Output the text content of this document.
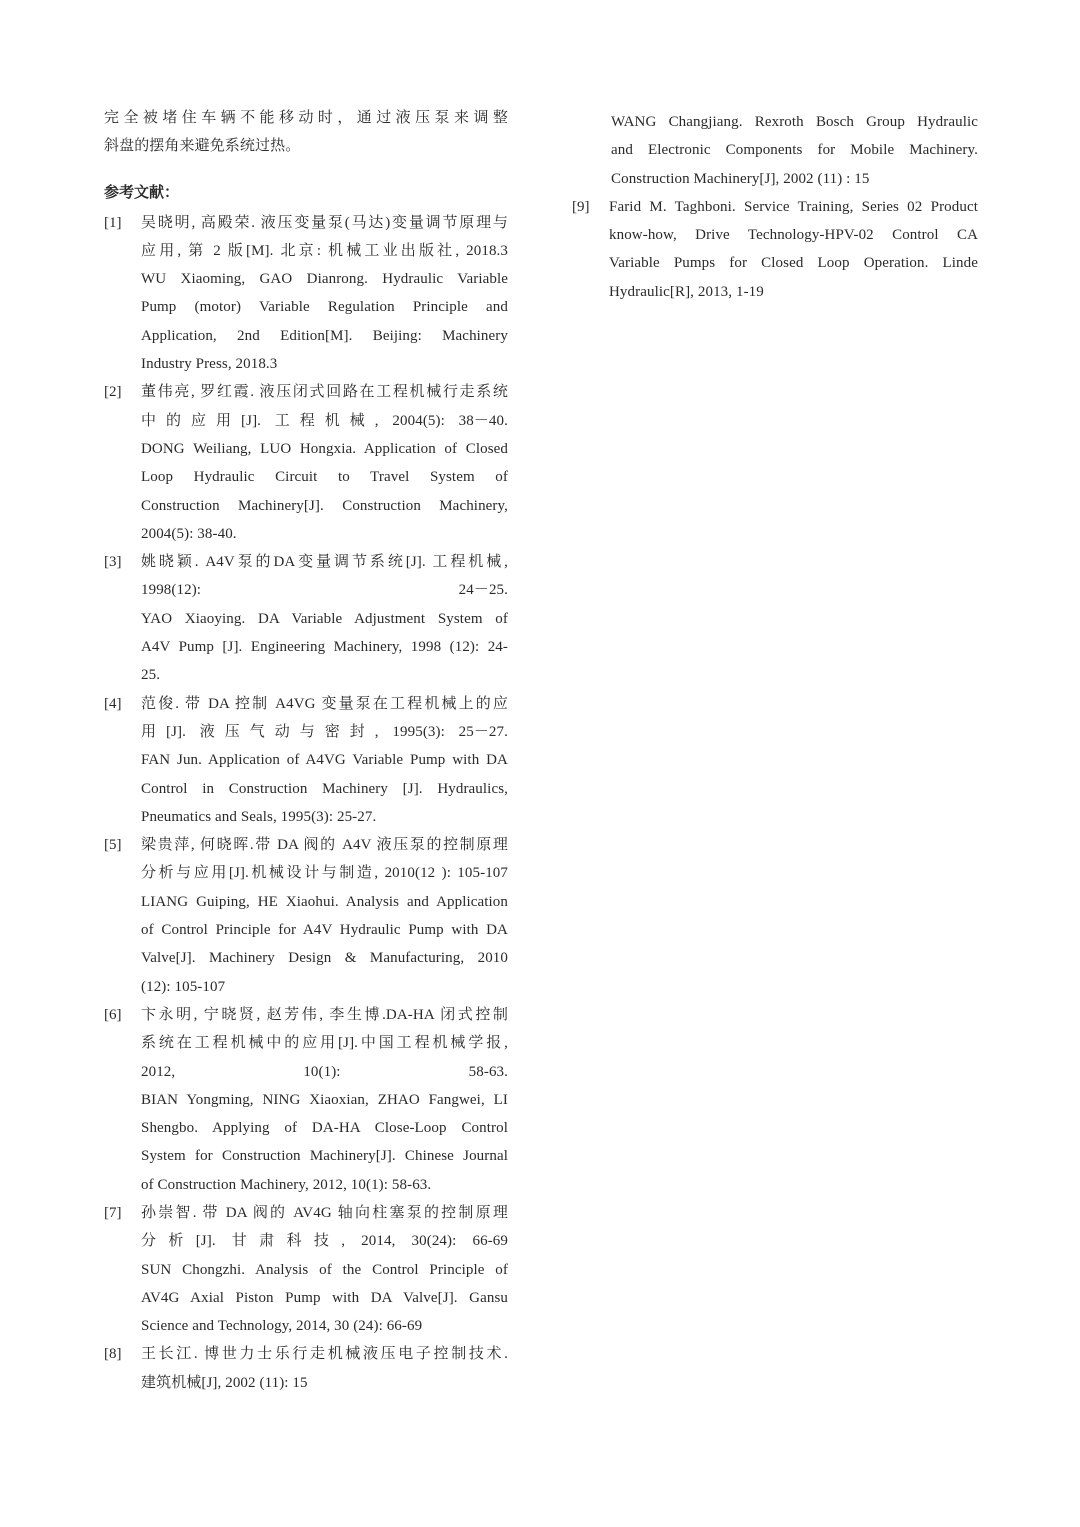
完全被堵住车辆不能移动时，通过液压泵来调整
斜盘的摆角来避免系统过热。
参考文献：
[1] 吴晓明, 高殿荣. 液压变量泵(马达)变量调节原理与
应用, 第 2 版[M]. 北京: 机械工业出版社, 2018.3
WU Xiaoming, GAO Dianrong. Hydraulic Variable
Pump (motor) Variable Regulation Principle and
Application, 2nd Edition[M]. Beijing: Machinery
Industry Press, 2018.3
[2] 董伟亮, 罗红霞. 液压闭式回路在工程机械行走系统
中的应用[J]. 工程机械, 2004(5): 38－40.
DONG Weiliang, LUO Hongxia. Application of Closed
Loop Hydraulic Circuit to Travel System of
Construction Machinery[J]. Construction Machinery,
2004(5): 38-40.
[3] 姚晓颖. A4V泵的DA变量调节系统[J]. 工程机械,
1998(12): 24－25.
YAO Xiaoying. DA Variable Adjustment System of
A4V Pump [J]. Engineering Machinery, 1998 (12): 24-
25.
[4] 范俊. 带 DA 控制 A4VG 变量泵在工程机械上的应
用[J]. 液压气动与密封, 1995(3): 25－27.
FAN Jun. Application of A4VG Variable Pump with DA
Control in Construction Machinery [J]. Hydraulics,
Pneumatics and Seals, 1995(3): 25-27.
[5] 梁贵萍, 何晓晖.带 DA 阀的 A4V 液压泵的控制原理
分析与应用[J].机械设计与制造, 2010(12 ): 105-107
LIANG Guiping, HE Xiaohui. Analysis and Application
of Control Principle for A4V Hydraulic Pump with DA
Valve[J]. Machinery Design & Manufacturing, 2010
(12): 105-107
[6] 卞永明, 宁晓贤, 赵芳伟, 李生博.DA-HA 闭式控制
系统在工程机械中的应用[J].中国工程机械学报,
2012, 10(1): 58-63.
BIAN Yongming, NING Xiaoxian, ZHAO Fangwei, LI
Shengbo. Applying of DA-HA Close-Loop Control
System for Construction Machinery[J]. Chinese Journal
of Construction Machinery, 2012, 10(1): 58-63.
[7] 孙崇智. 带 DA 阀的 AV4G 轴向柱塞泵的控制原理
分析[J]. 甘肃科技, 2014, 30(24): 66-69
SUN Chongzhi. Analysis of the Control Principle of
AV4G Axial Piston Pump with DA Valve[J]. Gansu
Science and Technology, 2014, 30 (24): 66-69
[8] 王长江. 博世力士乐行走机械液压电子控制技术.
建筑机械[J], 2002 (11): 15
WANG Changjiang. Rexroth Bosch Group Hydraulic
and Electronic Components for Mobile Machinery.
Construction Machinery[J], 2002 (11) : 15
[9] Farid M. Taghboni. Service Training, Series 02 Product
know-how, Drive Technology-HPV-02 Control CA
Variable Pumps for Closed Loop Operation. Linde
Hydraulic[R], 2013, 1-19
